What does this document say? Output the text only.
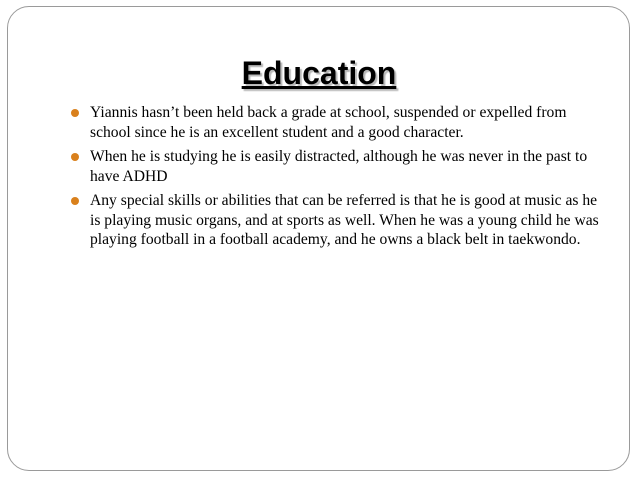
Education
Yiannis hasn’t been held back a grade at school, suspended or expelled from school since he is an excellent student and a good character.
When he is studying he is easily distracted, although he was never in the past to have ADHD
Any special skills or abilities that can be referred is that he is good at music as he is playing music organs, and at sports as well. When he was a young child he was playing football in a football academy, and he owns a black belt in taekwondo.
